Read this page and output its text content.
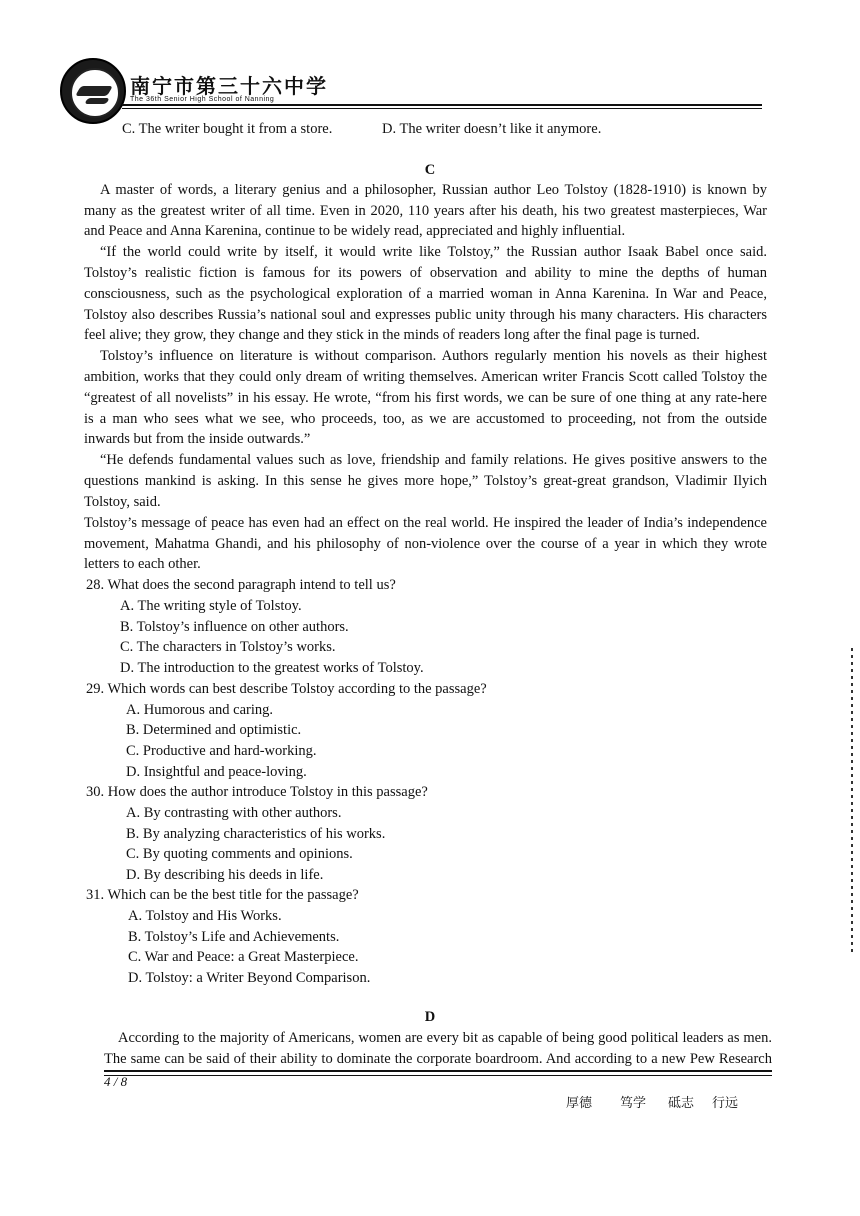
南宁市第三十六中学
The 36th Senior High School of Nanning
C. The writer bought it from a store.	D. The writer doesn’t like it anymore.
C
A master of words, a literary genius and a philosopher, Russian author Leo Tolstoy (1828-1910) is known by
many as the greatest writer of all time. Even in 2020, 110 years after his death, his two greatest masterpieces, War
and Peace and Anna Karenina, continue to be widely read, appreciated and highly influential.
“If the world could write by itself, it would write like Tolstoy,” the Russian author Isaak Babel once said.
Tolstoy’s realistic fiction is famous for its powers of observation and ability to mine the depths of human
consciousness, such as the psychological exploration of a married woman in Anna Karenina. In War and Peace,
Tolstoy also describes Russia’s national soul and expresses public unity through his many characters. His characters
feel alive; they grow, they change and they stick in the minds of readers long after the final page is turned.
Tolstoy’s influence on literature is without comparison. Authors regularly mention his novels as their highest
ambition, works that they could only dream of writing themselves. American writer Francis Scott called Tolstoy the
“greatest of all novelists” in his essay. He wrote, “from his first words, we can be sure of one thing at any rate-here
is a man who sees what we see, who proceeds, too, as we are accustomed to proceeding, not from the outside
inwards but from the inside outwards.”
“He defends fundamental values such as love, friendship and family relations. He gives positive answers to the
questions mankind is asking. In this sense he gives more hope,” Tolstoy’s great-great grandson, Vladimir Ilyich
Tolstoy, said.
Tolstoy’s message of peace has even had an effect on the real world. He inspired the leader of India’s independence
movement, Mahatma Ghandi, and his philosophy of non-violence over the course of a year in which they wrote
letters to each other.
28. What does the second paragraph intend to tell us?
A. The writing style of Tolstoy.
B. Tolstoy’s influence on other authors.
C. The characters in Tolstoy’s works.
D. The introduction to the greatest works of Tolstoy.
29. Which words can best describe Tolstoy according to the passage?
A. Humorous and caring.
B. Determined and optimistic.
C. Productive and hard-working.
D. Insightful and peace-loving.
30. How does the author introduce Tolstoy in this passage?
A. By contrasting with other authors.
B. By analyzing characteristics of his works.
C. By quoting comments and opinions.
D. By describing his deeds in life.
31. Which can be the best title for the passage?
A. Tolstoy and His Works.
B. Tolstoy’s Life and Achievements.
C. War and Peace: a Great Masterpiece.
D. Tolstoy: a Writer Beyond Comparison.
D
According to the majority of Americans, women are every bit as capable of being good political leaders as men.
The same can be said of their ability to dominate the corporate boardroom. And according to a new Pew Research
4 / 8
厚德 笃学 砥志 行远
